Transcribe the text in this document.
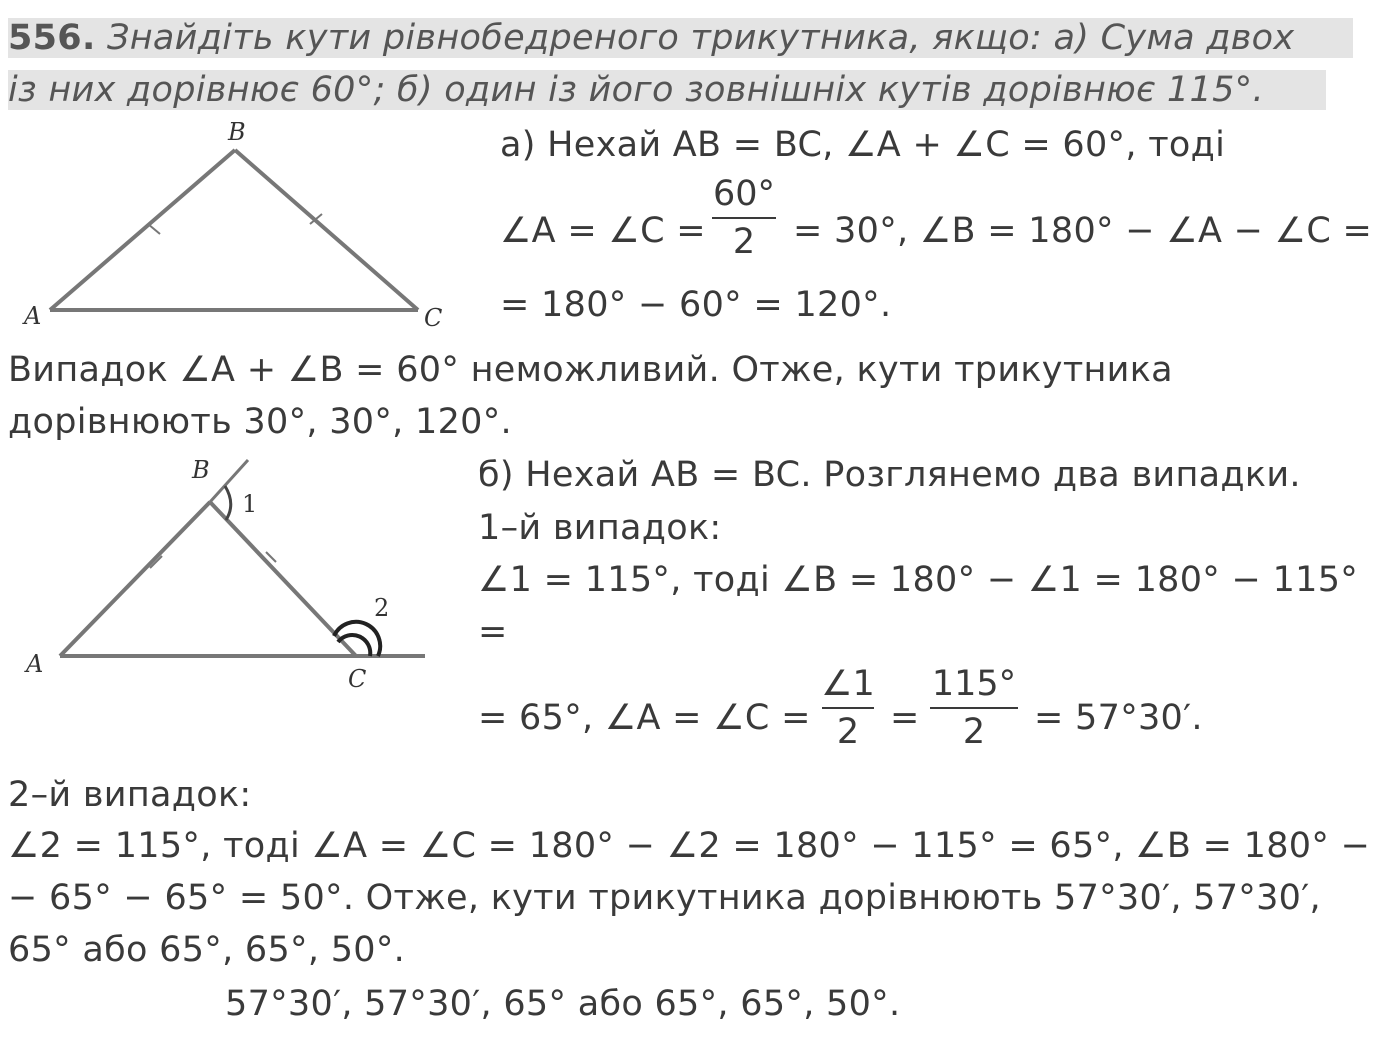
556. Знайдіть кути рівнобедреного трикутника, якщо: а) Сума двох
із них дорівнює 60°; б) один із його зовнішніх кутів дорівнює 115°.
B
A	C
а) Нехай AB = BC, ∠A + ∠C = 60°, тоді
∠A = ∠C =
60°
2 = 30°, ∠B = 180° − ∠A − ∠C =
= 180° − 60° = 120°.
Випадок ∠A + ∠B = 60° неможливий. Отже, кути трикутника
дорівнюють 30°, 30°, 120°.
B
1
2
A
C
б) Нехай AB = BC. Розглянемо два випадки.
1–й випадок:
∠1 = 115°, тоді ∠B = 180° − ∠1 = 180° − 115°
=
= 65°, ∠A = ∠C =
∠1
2 =
115°
2 = 57°30′.
2–й випадок:
∠2 = 115°, тоді ∠A = ∠C = 180° − ∠2 = 180° − 115° = 65°, ∠B = 180° −
− 65° − 65° = 50°. Отже, кути трикутника дорівнюють 57°30′, 57°30′,
65° або 65°, 65°, 50°.
57°30′, 57°30′, 65° або 65°, 65°, 50°.
